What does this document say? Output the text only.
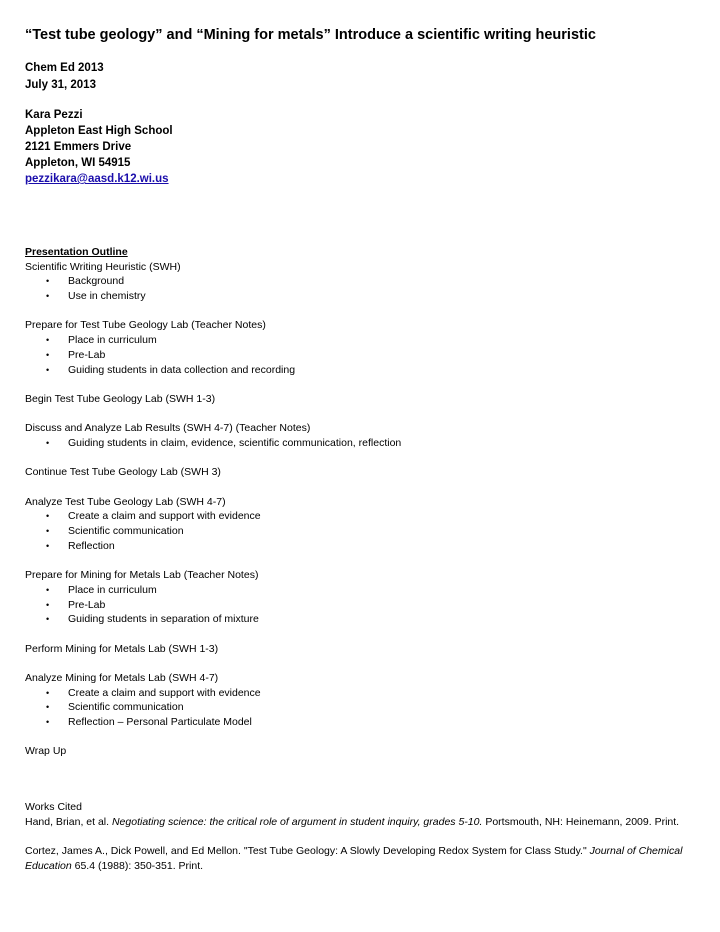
“Test tube geology” and “Mining for metals” Introduce a scientific writing heuristic
Chem Ed 2013
July 31, 2013
Kara Pezzi
Appleton East High School
2121 Emmers Drive
Appleton, WI 54915
pezzikara@aasd.k12.wi.us
Presentation Outline
Scientific Writing Heuristic (SWH)
• Background
• Use in chemistry
Prepare for Test Tube Geology Lab (Teacher Notes)
• Place in curriculum
• Pre-Lab
• Guiding students in data collection and recording
Begin Test Tube Geology Lab (SWH 1-3)
Discuss and Analyze Lab Results (SWH 4-7) (Teacher Notes)
• Guiding students in claim, evidence, scientific communication, reflection
Continue Test Tube Geology Lab (SWH 3)
Analyze Test Tube Geology Lab (SWH 4-7)
• Create a claim and support with evidence
• Scientific communication
• Reflection
Prepare for Mining for Metals Lab (Teacher Notes)
• Place in curriculum
• Pre-Lab
• Guiding students in separation of mixture
Perform Mining for Metals Lab (SWH 1-3)
Analyze Mining for Metals Lab (SWH 4-7)
• Create a claim and support with evidence
• Scientific communication
• Reflection – Personal Particulate Model
Wrap Up

Works Cited

Hand, Brian, et al. Negotiating science: the critical role of argument in student inquiry, grades 5-10. Portsmouth, NH: Heinemann, 2009. Print.

Cortez, James A., Dick Powell, and Ed Mellon. "Test Tube Geology: A Slowly Developing Redox System for Class Study." Journal of Chemical Education 65.4 (1988): 350-351. Print.
